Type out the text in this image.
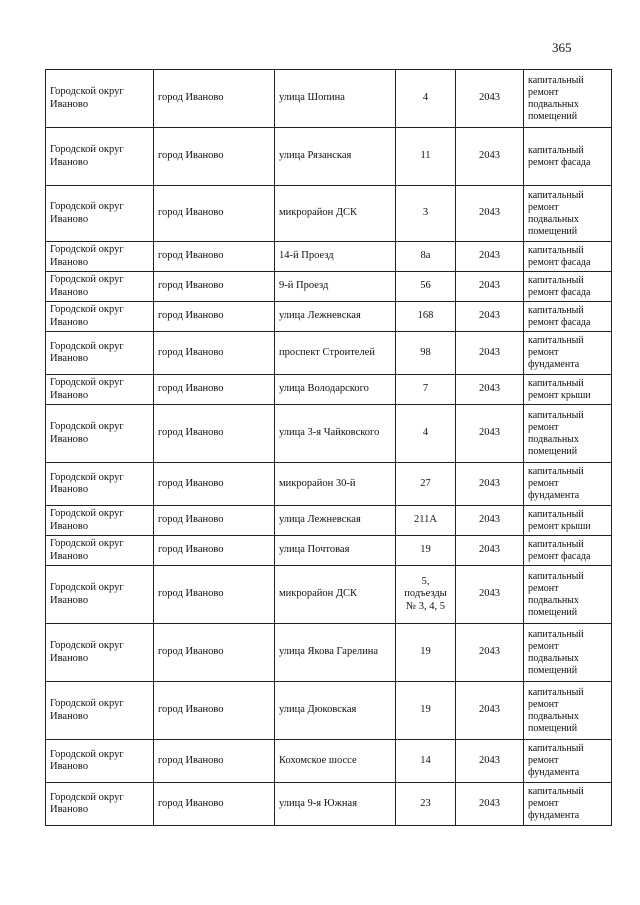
365
Городской округ Иваново	город Иваново	улица Шопина	4	2043	капитальный ремонт подвальных помещений
Городской округ Иваново	город Иваново	улица Рязанская	11	2043	капитальный ремонт фасада
Городской округ Иваново	город Иваново	микрорайон ДСК	3	2043	капитальный ремонт подвальных помещений
Городской округ Иваново	город Иваново	14-й Проезд	8а	2043	капитальный ремонт фасада
Городской округ Иваново	город Иваново	9-й Проезд	56	2043	капитальный ремонт фасада
Городской округ Иваново	город Иваново	улица Лежневская	168	2043	капитальный ремонт фасада
Городской округ Иваново	город Иваново	проспект Строителей	98	2043	капитальный ремонт фундамента
Городской округ Иваново	город Иваново	улица Володарского	7	2043	капитальный ремонт крыши
Городской округ Иваново	город Иваново	улица 3-я Чайковского	4	2043	капитальный ремонт подвальных помещений
Городской округ Иваново	город Иваново	микрорайон 30-й	27	2043	капитальный ремонт фундамента
Городской округ Иваново	город Иваново	улица Лежневская	211А	2043	капитальный ремонт крыши
Городской округ Иваново	город Иваново	улица Почтовая	19	2043	капитальный ремонт фасада
Городской округ Иваново	город Иваново	микрорайон ДСК	5, подъезды № 3, 4, 5	2043	капитальный ремонт подвальных помещений
Городской округ Иваново	город Иваново	улица Якова Гарелина	19	2043	капитальный ремонт подвальных помещений
Городской округ Иваново	город Иваново	улица Дюковская	19	2043	капитальный ремонт подвальных помещений
Городской округ Иваново	город Иваново	Кохомское шоссе	14	2043	капитальный ремонт фундамента
Городской округ Иваново	город Иваново	улица 9-я Южная	23	2043	капитальный ремонт фундамента
